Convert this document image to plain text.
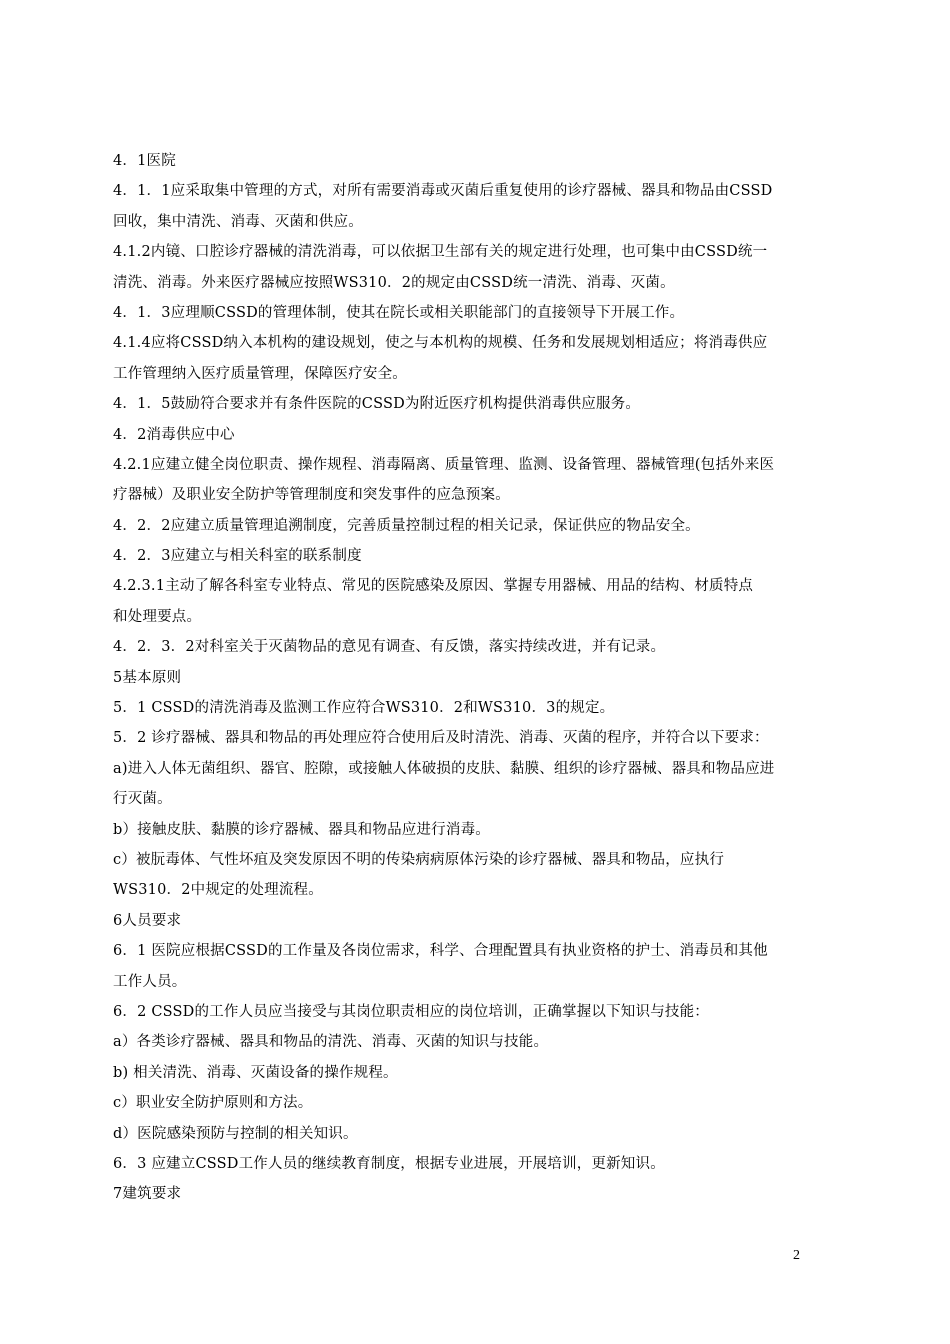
4．1医院
4．1．1应采取集中管理的方式，对所有需要消毒或灭菌后重复使用的诊疗器械、器具和物品由CSSD
回收，集中清洗、消毒、灭菌和供应。
4.1.2内镜、口腔诊疗器械的清洗消毒，可以依据卫生部有关的规定进行处理，也可集中由CSSD统一
清洗、消毒。外来医疗器械应按照WS310．2的规定由CSSD统一清洗、消毒、灭菌。
4．1．3应理顺CSSD的管理体制，使其在院长或相关职能部门的直接领导下开展工作。
4.1.4应将CSSD纳入本机构的建设规划，使之与本机构的规模、任务和发展规划相适应；将消毒供应
工作管理纳入医疗质量管理，保障医疗安全。
4．1．5鼓励符合要求并有条件医院的CSSD为附近医疗机构提供消毒供应服务。
4．2消毒供应中心
4.2.1应建立健全岗位职责、操作规程、消毒隔离、质量管理、监测、设备管理、器械管理(包括外来医
疗器械）及职业安全防护等管理制度和突发事件的应急预案。
4．2．2应建立质量管理追溯制度，完善质量控制过程的相关记录，保证供应的物品安全。
4．2．3应建立与相关科室的联系制度
4.2.3.1主动了解各科室专业特点、常见的医院感染及原因、掌握专用器械、用品的结构、材质特点
和处理要点。
4．2．3．2对科室关于灭菌物品的意见有调查、有反馈，落实持续改进，并有记录。
5基本原则
5．1 CSSD的清洗消毒及监测工作应符合WS310．2和WS310．3的规定。
5．2 诊疗器械、器具和物品的再处理应符合使用后及时清洗、消毒、灭菌的程序，并符合以下要求：
a)进入人体无菌组织、器官、腔隙，或接触人体破损的皮肤、黏膜、组织的诊疗器械、器具和物品应进
行灭菌。
b）接触皮肤、黏膜的诊疗器械、器具和物品应进行消毒。
c）被朊毒体、气性坏疽及突发原因不明的传染病病原体污染的诊疗器械、器具和物品，应执行
WS310．2中规定的处理流程。
6人员要求
6．1 医院应根据CSSD的工作量及各岗位需求，科学、合理配置具有执业资格的护士、消毒员和其他
工作人员。
6．2 CSSD的工作人员应当接受与其岗位职责相应的岗位培训，正确掌握以下知识与技能：
a）各类诊疗器械、器具和物品的清洗、消毒、灭菌的知识与技能。
b) 相关清洗、消毒、灭菌设备的操作规程。
c）职业安全防护原则和方法。
d）医院感染预防与控制的相关知识。
6．3 应建立CSSD工作人员的继续教育制度，根据专业进展，开展培训，更新知识。
7建筑要求
2
